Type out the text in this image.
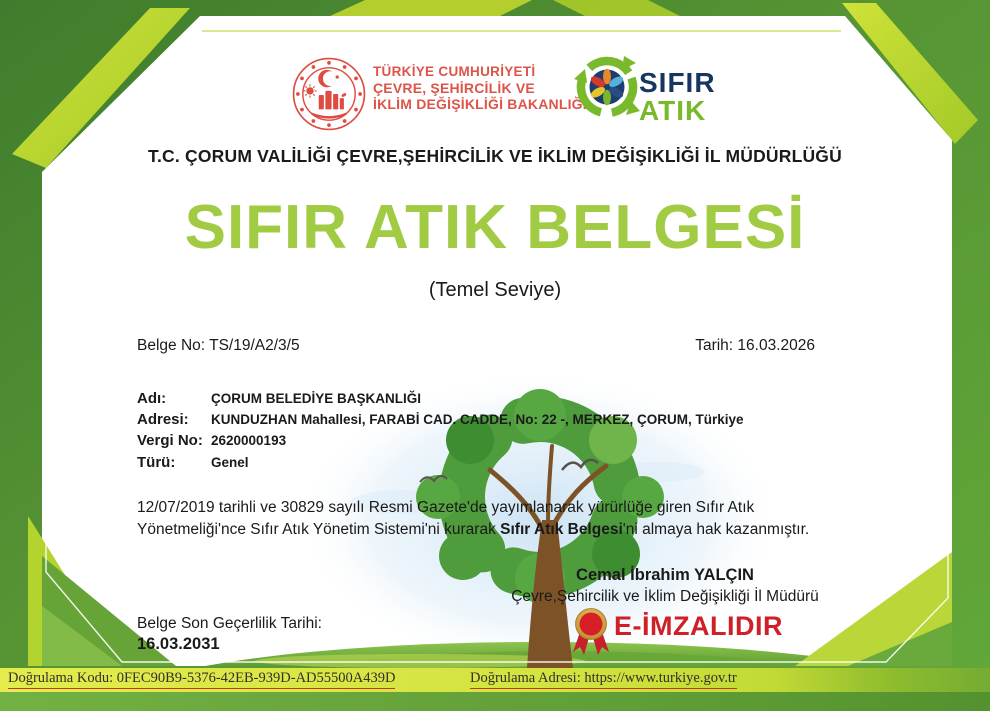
TÜRKİYE CUMHURİYETİ
ÇEVRE, ŞEHİRCİLİK VE
İKLİM DEĞİŞİKLİĞİ BAKANLIĞI
SIFIR
ATIK
T.C. ÇORUM VALİLİĞİ ÇEVRE,ŞEHİRCİLİK VE İKLİM DEĞİŞİKLİĞİ İL MÜDÜRLÜĞÜ
SIFIR ATIK BELGESİ
(Temel Seviye)
Belge No: TS/19/A2/3/5	Tarih: 16.03.2026
Adı:	ÇORUM BELEDİYE BAŞKANLIĞI
Adresi: KUNDUZHAN Mahallesi, FARABİ CAD. CADDE, No: 22 -, MERKEZ, ÇORUM, Türkiye
Vergi No: 2620000193
Türü:	Genel
12/07/2019 tarihli ve 30829 sayılı Resmi Gazete'de yayımlanarak yürürlüğe giren Sıfır Atık
Yönetmeliği'nce Sıfır Atık Yönetim Sistemi'ni kurarak Sıfır Atık Belgesi'ni almaya hak kazanmıştır.
Cemal İbrahim YALÇIN
Çevre,Şehircilik ve İklim Değişikliği İl Müdürü
E-İMZALIDIR
Belge Son Geçerlilik Tarihi:
16.03.2031
Doğrulama Kodu: 0FEC90B9-5376-42EB-939D-AD55500A439D	Doğrulama Adresi: https://www.turkiye.gov.tr
